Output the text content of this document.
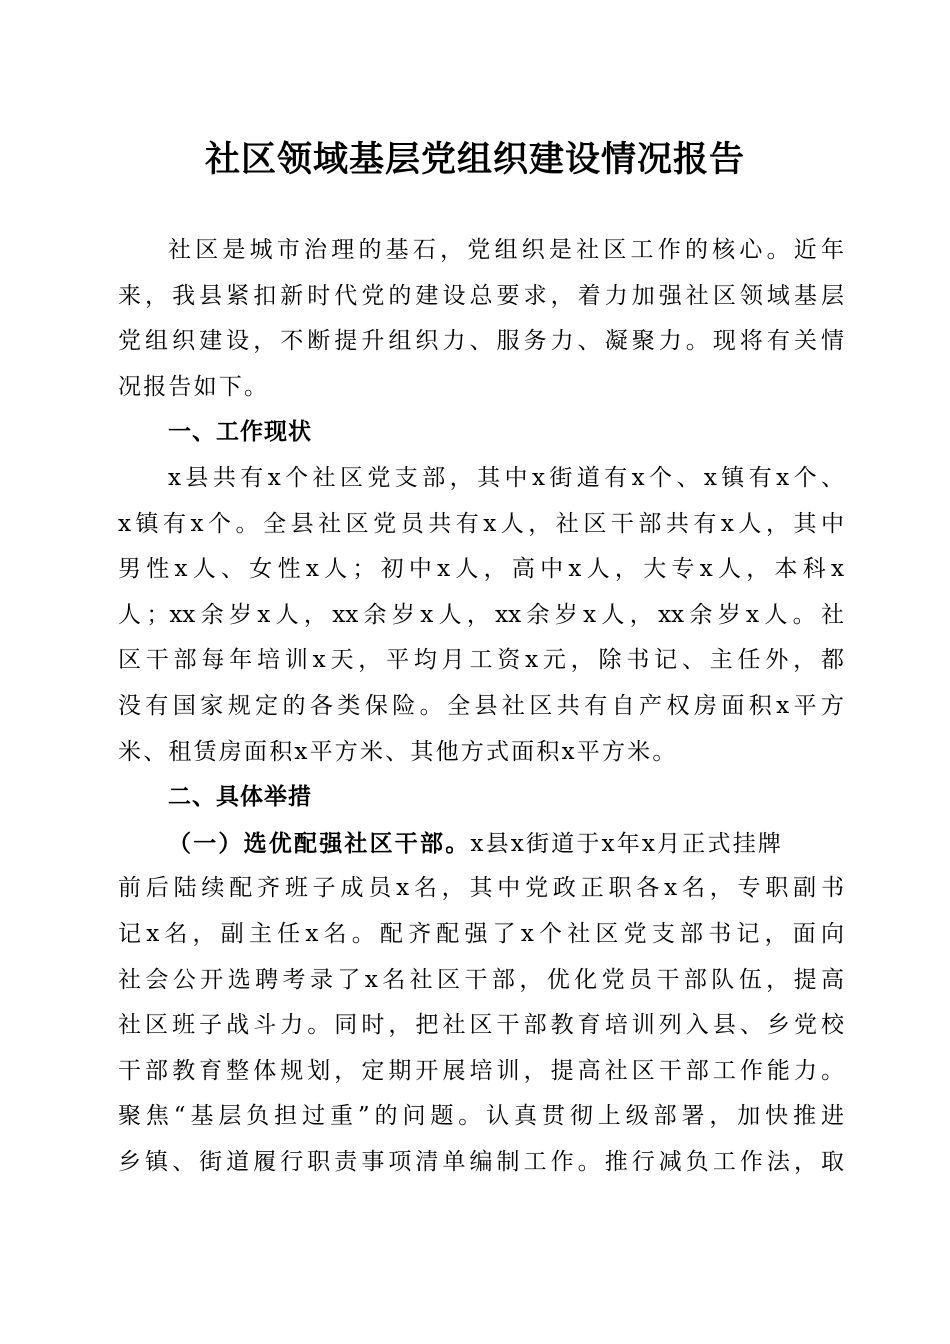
社区领域基层党组织建设情况报告
社区是城市治理的基石，党组织是社区工作的核心。近年
来，我县紧扣新时代党的建设总要求，着力加强社区领域基层
党组织建设，不断提升组织力、服务力、凝聚力。现将有关情
况报告如下。
一、工作现状
x县共有x个社区党支部，其中x街道有x个、x镇有x个、
x镇有x个。全县社区党员共有x人，社区干部共有x人，其中
男性x人、女性x人；初中x人，高中x人，大专x人，本科x
人；xx余岁x人，xx余岁x人，xx余岁x人，xx余岁x人。社
区干部每年培训x天，平均月工资x元，除书记、主任外，都
没有国家规定的各类保险。全县社区共有自产权房面积x平方
米、租赁房面积x平方米、其他方式面积x平方米。
二、具体举措
（一）选优配强社区干部。x县x街道于x年x月正式挂牌
前后陆续配齐班子成员x名，其中党政正职各x名，专职副书
记x名，副主任x名。配齐配强了x个社区党支部书记，面向
社会公开选聘考录了x名社区干部，优化党员干部队伍，提高
社区班子战斗力。同时，把社区干部教育培训列入县、乡党校
干部教育整体规划，定期开展培训，提高社区干部工作能力。
聚焦“基层负担过重”的问题。认真贯彻上级部署，加快推进
乡镇、街道履行职责事项清单编制工作。推行减负工作法，取
